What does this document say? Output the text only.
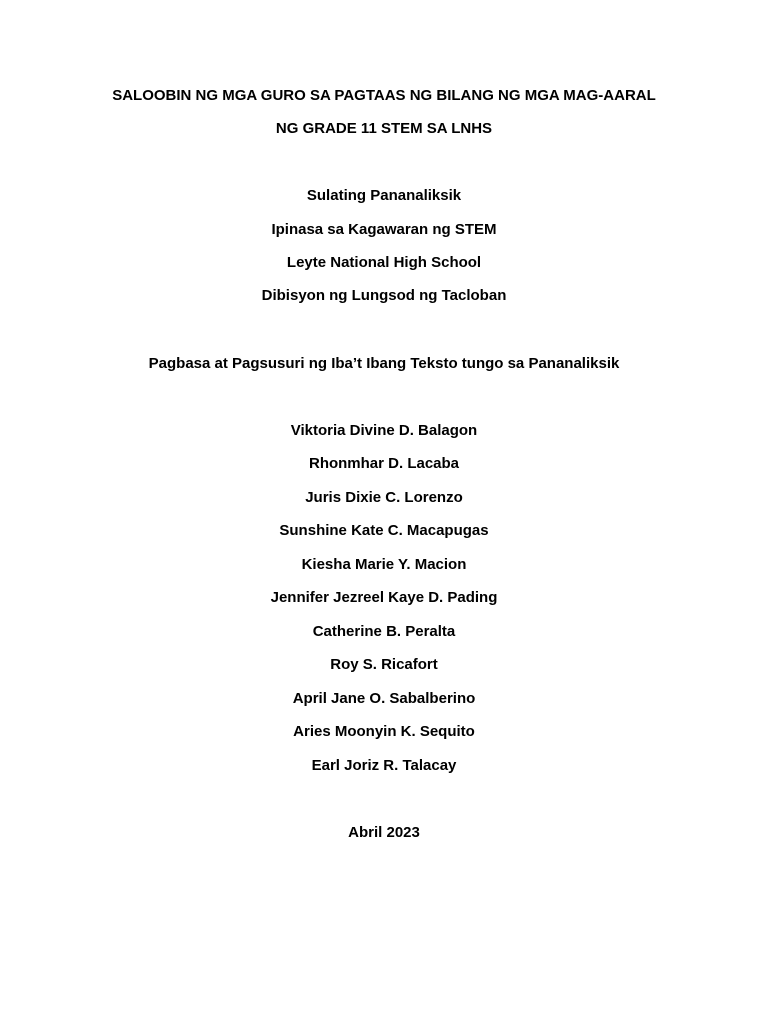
SALOOBIN NG MGA GURO SA PAGTAAS NG BILANG NG MGA MAG-AARAL
NG GRADE 11 STEM SA LNHS
Sulating Pananaliksik
Ipinasa sa Kagawaran ng STEM
Leyte National High School
Dibisyon ng Lungsod ng Tacloban
Pagbasa at Pagsusuri ng Iba’t Ibang Teksto tungo sa Pananaliksik
Viktoria Divine D. Balagon
Rhonmhar D. Lacaba
Juris Dixie C. Lorenzo
Sunshine Kate C. Macapugas
Kiesha Marie Y. Macion
Jennifer Jezreel Kaye D. Pading
Catherine B. Peralta
Roy S. Ricafort
April Jane O. Sabalberino
Aries Moonyin K. Sequito
Earl Joriz R. Talacay
Abril 2023
